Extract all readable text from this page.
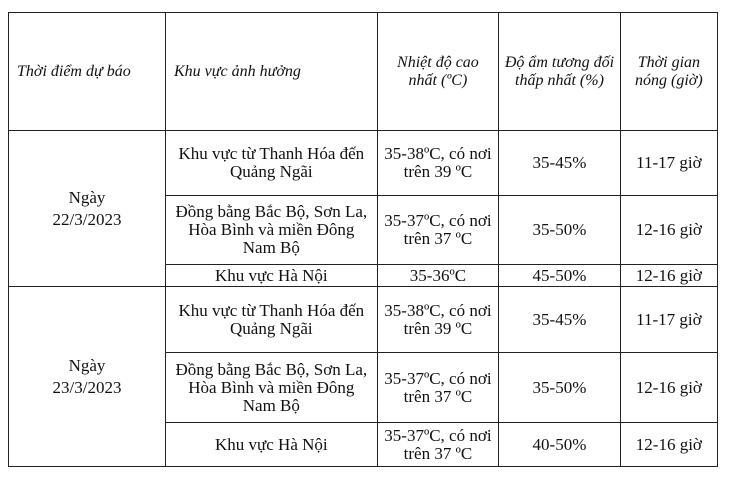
Thời điểm dự báo	Khu vực ảnh hưởng	Nhiệt độ cao nhất (ºC)	Độ ẩm tương đối thấp nhất (%)	Thời gian nóng (giờ)

Ngày
22/3/2023	Khu vực từ Thanh Hóa đến Quảng Ngãi	35-38ºC, có nơi trên 39 ºC	35-45%	11-17 giờ
	Đồng bằng Bắc Bộ, Sơn La, Hòa Bình và miền Đông Nam Bộ	35-37ºC, có nơi trên 37 ºC	35-50%	12-16 giờ
	Khu vực Hà Nội	35-36ºC	45-50%	12-16 giờ

Ngày
23/3/2023	Khu vực từ Thanh Hóa đến Quảng Ngãi	35-38ºC, có nơi trên 39 ºC	35-45%	11-17 giờ
	Đồng bằng Bắc Bộ, Sơn La, Hòa Bình và miền Đông Nam Bộ	35-37ºC, có nơi trên 37 ºC	35-50%	12-16 giờ
	Khu vực Hà Nội	35-37ºC, có nơi trên 37 ºC	40-50%	12-16 giờ
